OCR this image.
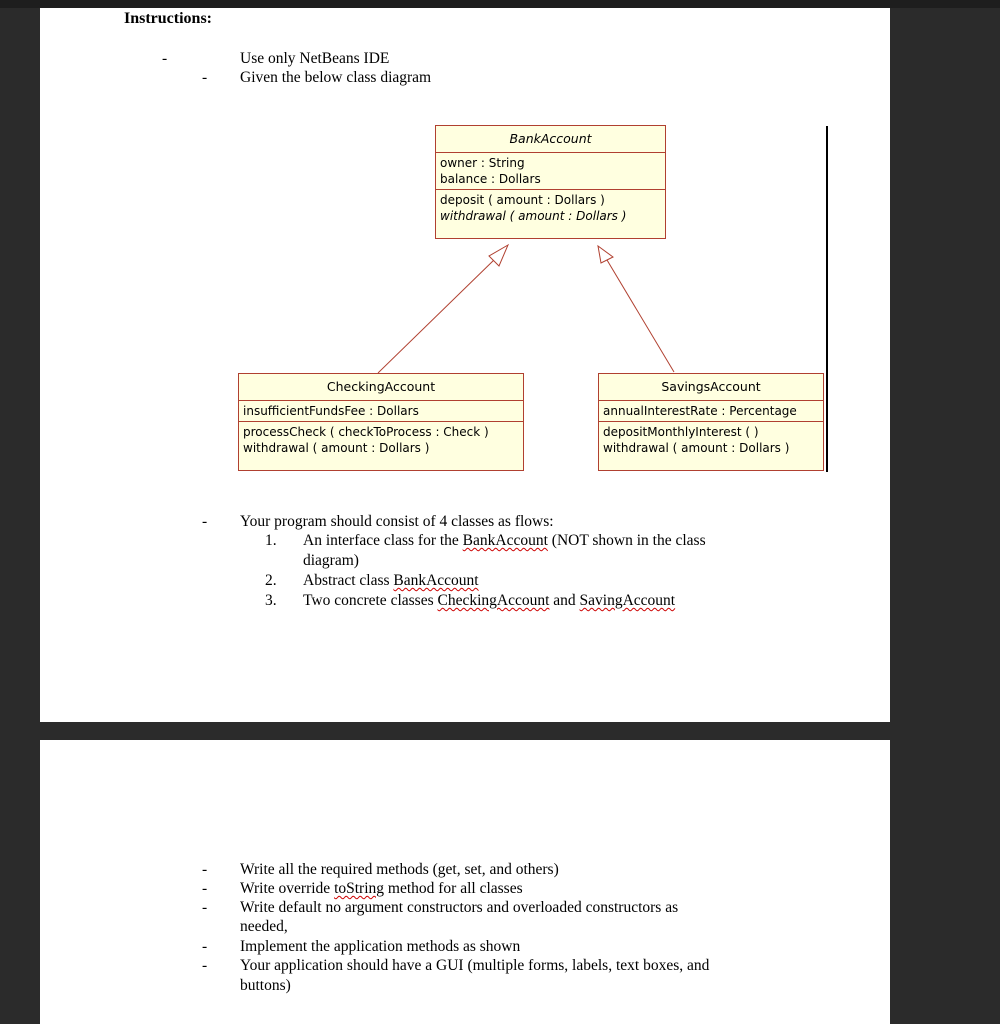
Instructions:
-	Use only NetBeans IDE
- Given the below class diagram
BankAccount
owner : String
balance : Dollars
deposit ( amount : Dollars )
withdrawal ( amount : Dollars )
CheckingAccount
insufficientFundsFee : Dollars
processCheck ( checkToProcess : Check )
withdrawal ( amount : Dollars )
SavingsAccount
annualInterestRate : Percentage
depositMonthlyInterest ( )
withdrawal ( amount : Dollars )
- Your program should consist of 4 classes as flows:
1. An interface class for the BankAccount (NOT shown in the class
diagram)
2. Abstract class BankAccount
3. Two concrete classes CheckingAccount and SavingAccount
- Write all the required methods (get, set, and others)
- Write override toString method for all classes
- Write default no argument constructors and overloaded constructors as
needed,
- Implement the application methods as shown
- Your application should have a GUI (multiple forms, labels, text boxes, and
buttons)
